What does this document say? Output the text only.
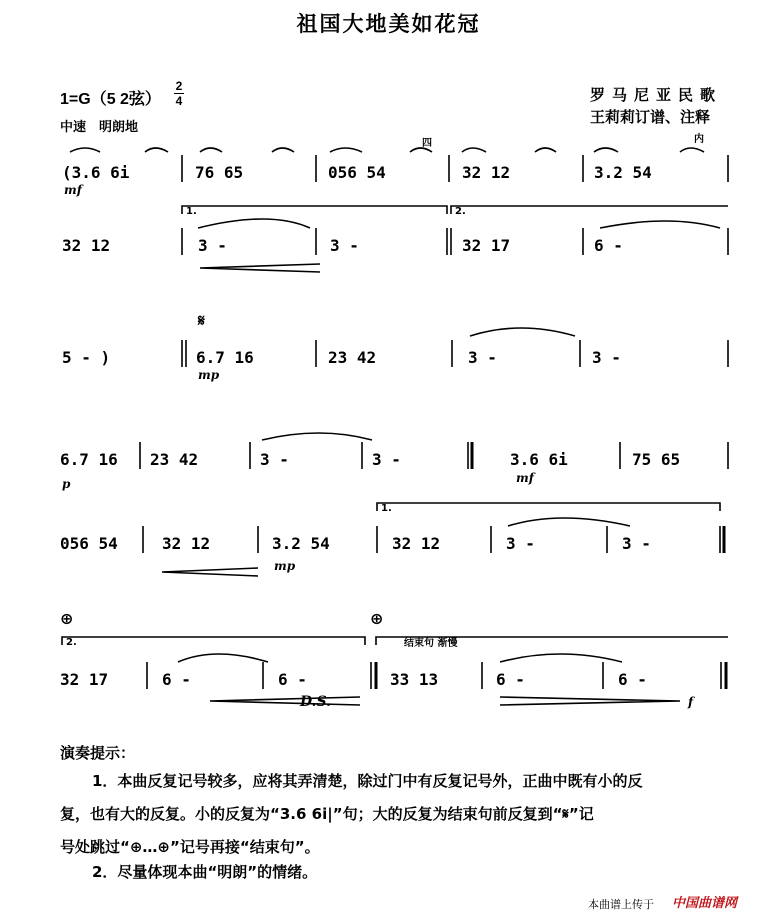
祖国大地美如花冠
1=G（5 2弦）
2
4	罗马尼亚民歌
王莉莉订谱、注释
中速　明朗地
(3.6 6i	76 65	056 54	32 12	3.2 54
32 12	3 -	3 -	32 17	6 -
5 - )	6.7 16	23 42	3 -	3 -
6.7 16 23 42	3 -	3 -	3.6 6i	75 65
056 54	32 12	3.2 54	32 12	3 -	3 -
32 17	6 -	6 -	33 13	6 -	6 -
mf
mp
p	mf
mp
f
D.S.
1.	2.
1.
2.	结束句 渐慢
四	内
𝄋
⊕	⊕
演奏提示：
1．本曲反复记号较多，应将其弄清楚，除过门中有反复记号外，正曲中既有小的反
复，也有大的反复。小的反复为“3.6 6i|”句；大的反复为结束句前反复到“𝄋”记
号处跳过“⊕…⊕”记号再接“结束句”。
2．尽量体现本曲“明朗”的情绪。
本曲谱上传于 中国曲谱网
